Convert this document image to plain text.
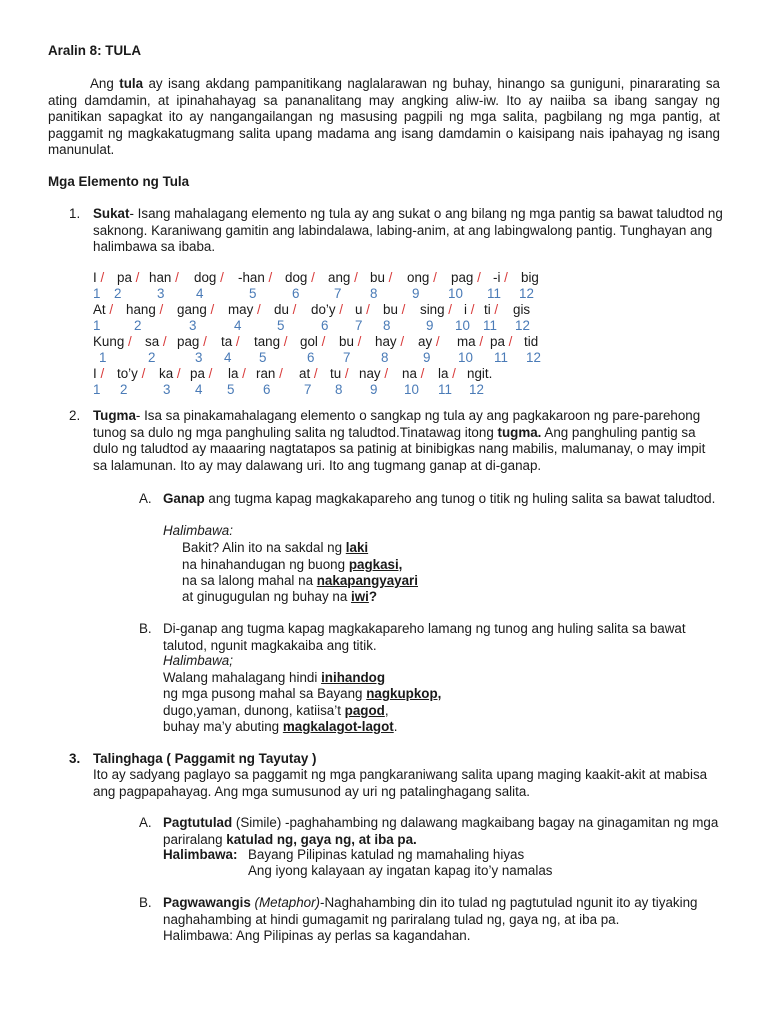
Aralin 8: TULA
Ang tula ay isang akdang pampanitikang naglalarawan ng buhay, hinango sa guniguni, pinararating sa ating damdamin, at ipinahahayag sa pananalitang may angking aliw-iw. Ito ay naiiba sa ibang sangay ng panitikan sapagkat ito ay nangangailangan ng masusing pagpili ng mga salita, pagbilang ng mga pantig, at paggamit ng magkakatugmang salita upang madama ang isang damdamin o kaisipang nais ipahayag ng isang manunulat.
Mga Elemento ng Tula
1. Sukat- Isang mahalagang elemento ng tula ay ang sukat o ang bilang ng mga pantig sa bawat taludtod ng saknong. Karaniwang gamitin ang labindalawa, labing-anim, at ang labingwalong pantig. Tunghayan ang halimbawa sa ibaba.
I / pa / han / dog / -han / dog / ang / bu / ong / pag / -i / big
1 2	3 4	5	6	7 8	9 10 11 12
At / hang / gang / may / du / do’y / u / bu / sing / i / ti / gis
1	2	3	4	5	6 7 8	9 10 11 12
Kung / sa / pag / ta / tang / gol / bu / hay / ay / ma / pa / tid
1	2	3 4 5	6 7 8	9 10 11 12
I / to’y / ka / pa / la / ran / at / tu / nay / na / la / ngit.
1 2	3 4 5 6	7 8 9 10 11 12
2. Tugma- Isa sa pinakamahalagang elemento o sangkap ng tula ay ang pagkakaroon ng pare-parehong tunog sa dulo ng mga panghuling salita ng taludtod.Tinatawag itong tugma. Ang panghuling pantig sa dulo ng taludtod ay maaaring nagtatapos sa patinig at binibigkas nang mabilis, malumanay, o may impit sa lalamunan. Ito ay may dalawang uri. Ito ang tugmang ganap at di-ganap.
A. Ganap ang tugma kapag magkakapareho ang tunog o titik ng huling salita sa bawat taludtod.
Halimbawa:
Bakit? Alin ito na sakdal ng laki
na hinahandugan ng buong pagkasi,
na sa lalong mahal na nakapangyayari
at ginugugulan ng buhay na iwi?
B. Di-ganap ang tugma kapag magkakapareho lamang ng tunog ang huling salita sa bawat talutod, ngunit magkakaiba ang titik.
Halimbawa;
Walang mahalagang hindi inihandog
ng mga pusong mahal sa Bayang nagkupkop,
dugo,yaman, dunong, katiisa’t pagod,
buhay ma’y abuting magkalagot-lagot.
3. Talinghaga ( Paggamit ng Tayutay )
Ito ay sadyang paglayo sa paggamit ng mga pangkaraniwang salita upang maging kaakit-akit at mabisa ang pagpapahayag. Ang mga sumusunod ay uri ng patalinghagang salita.
A. Pagtutulad (Simile) -paghahambing ng dalawang magkaibang bagay na ginagamitan ng mga pariralang katulad ng, gaya ng, at iba pa.
Halimbawa: Bayang Pilipinas katulad ng mamahaling hiyas
Ang iyong kalayaan ay ingatan kapag ito’y namalas
B. Pagwawangis (Metaphor)-Naghahambing din ito tulad ng pagtutulad ngunit ito ay tiyaking naghahambing at hindi gumagamit ng pariralang tulad ng, gaya ng, at iba pa.
Halimbawa: Ang Pilipinas ay perlas sa kagandahan.
